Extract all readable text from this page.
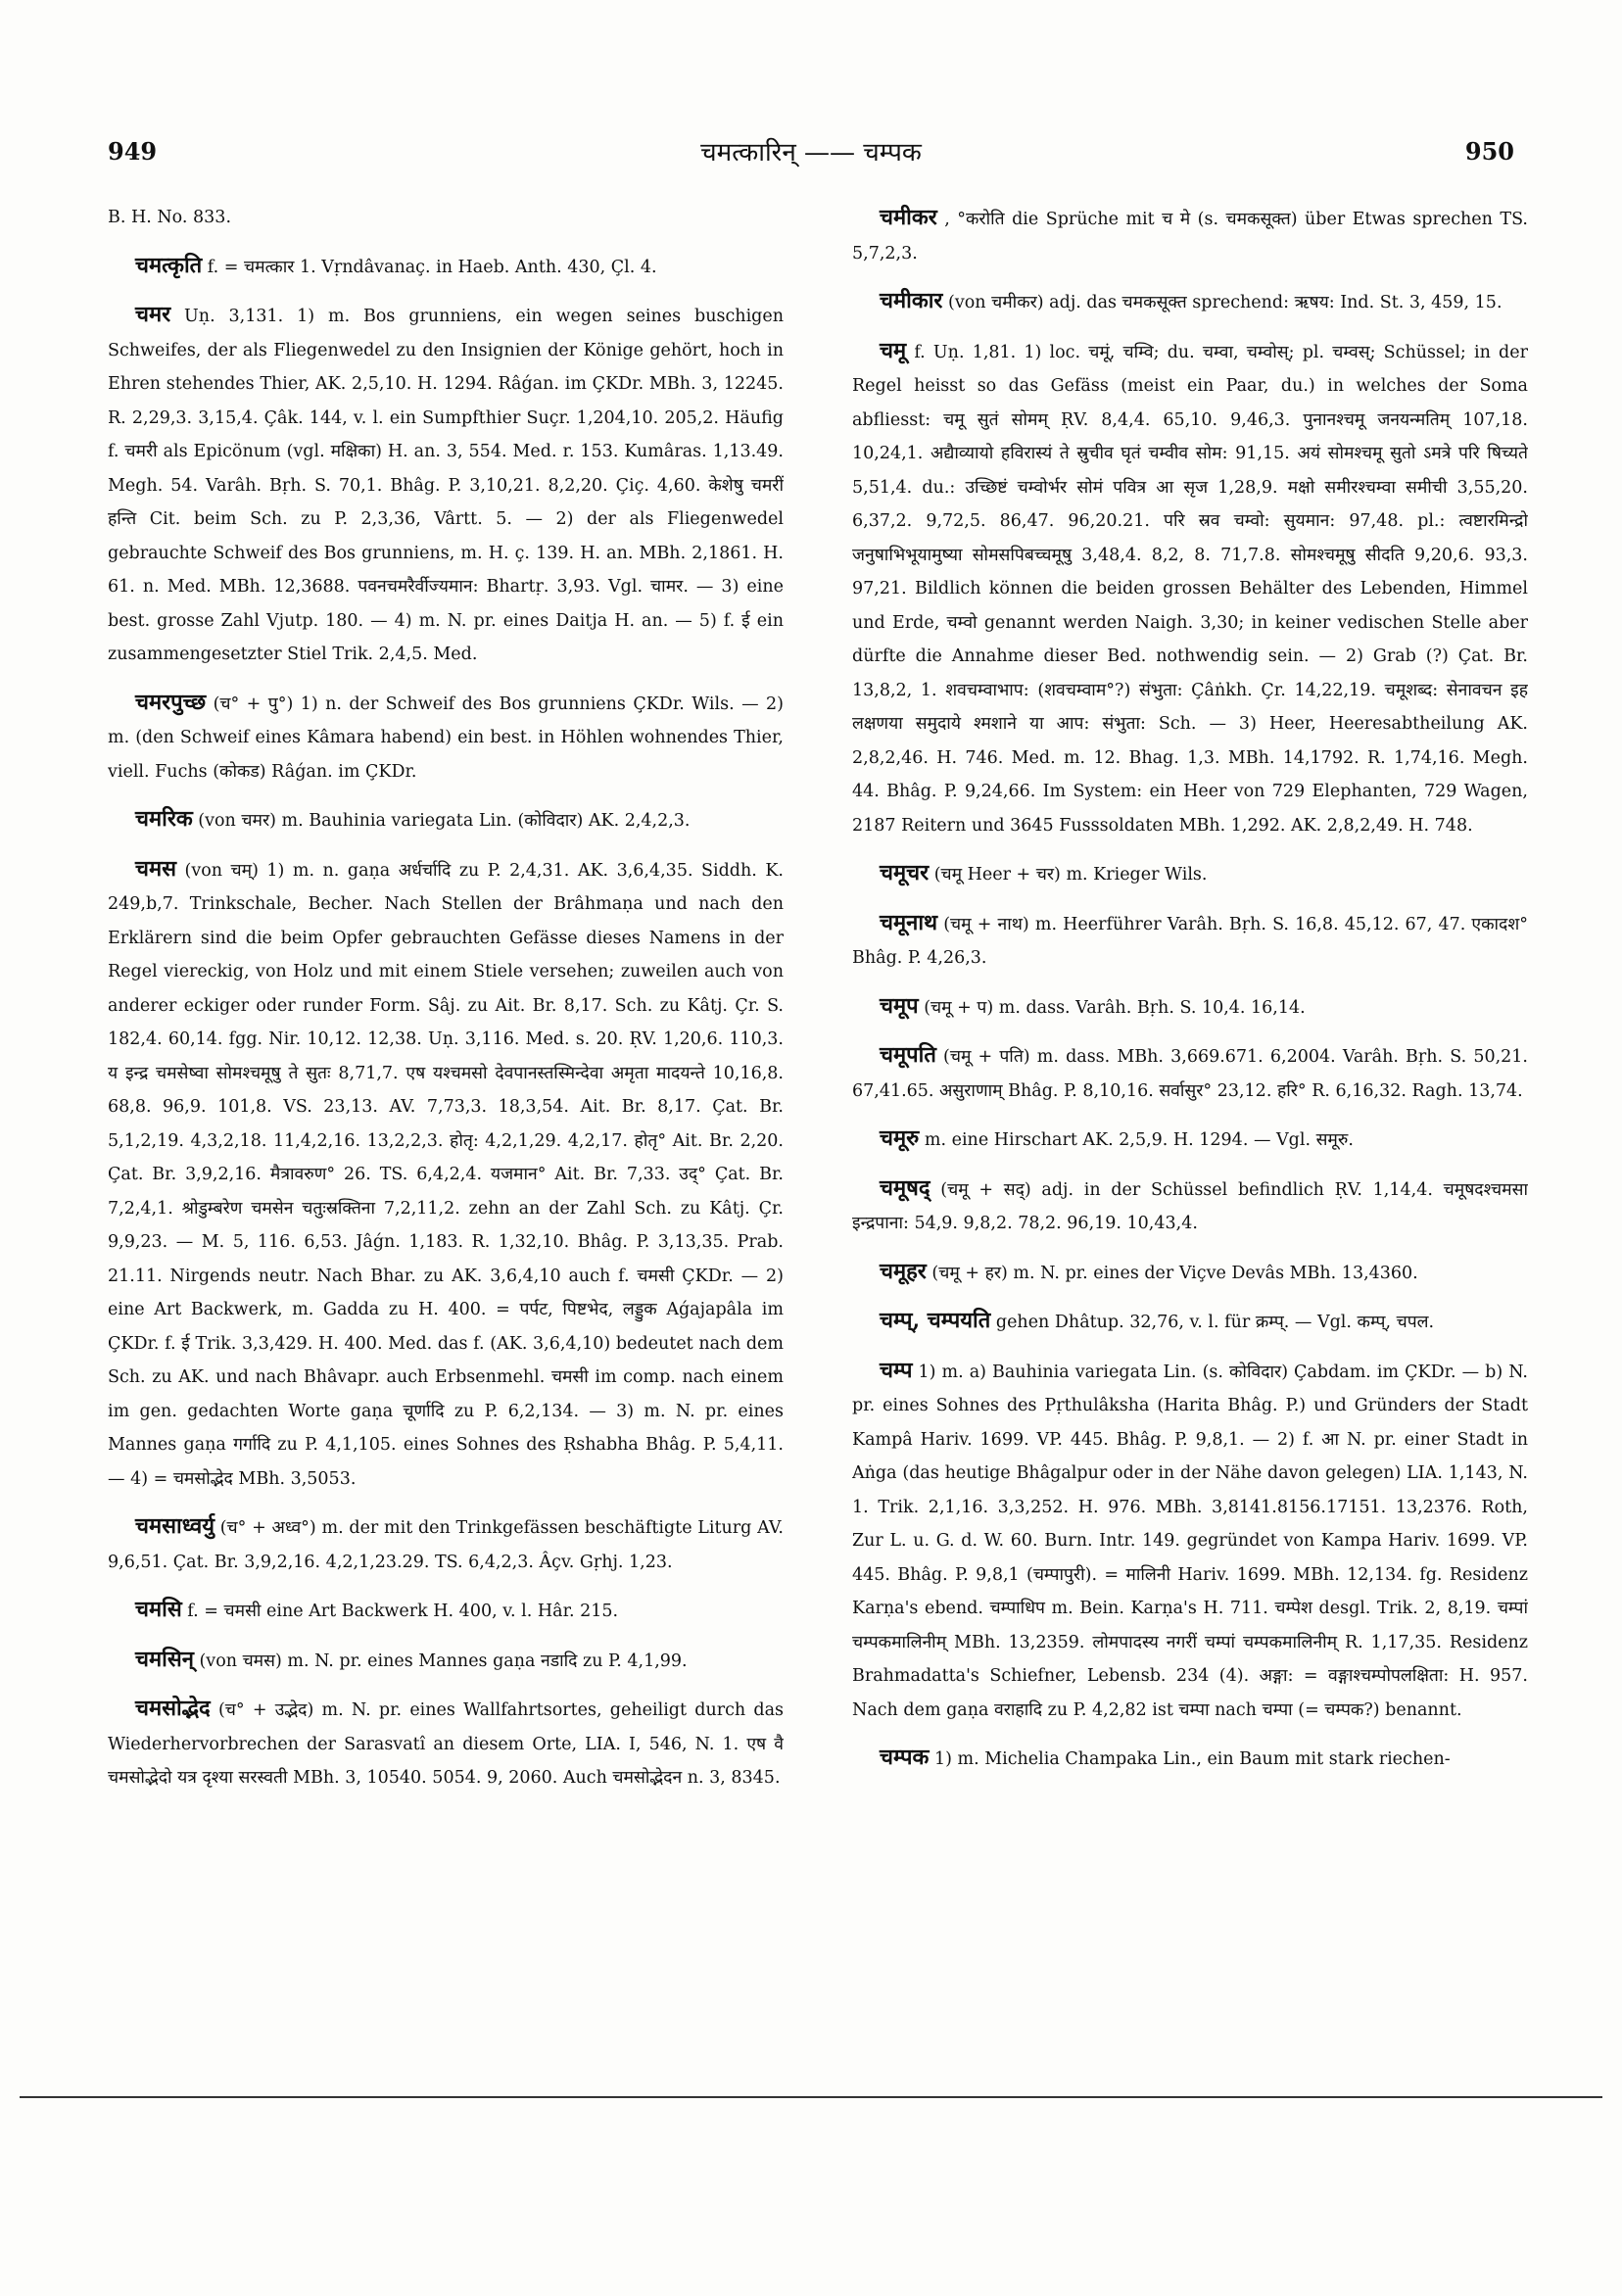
949	चमत्कारिन् —— चम्पक	950

B. H. No. 833.

चमत्कृति f. = चमत्कार 1. Vṛndâvanaç. in Haeb. Anth. 430, Çl. 4.

चमर Uṇ. 3,131. 1) m. Bos grunniens, ein wegen seines buschigen Schweifes, der als Fliegenwedel zu den Insignien der Könige gehört, hoch in Ehren stehendes Thier, AK. 2,5,10. H. 1294. Râǵan. im ÇKDr. MBh. 3, 12245. R. 2,29,3. 3,15,4. Çâk. 144, v. l. ein Sumpfthier Suçr. 1,204,10. 205,2. Häufig f. चमरी als Epicönum (vgl. मक्षिका) H. an. 3, 554. Med. r. 153. Kumâras. 1,13.49. Megh. 54. Varâh. Bṛh. S. 70,1. Bhâg. P. 3,10,21. 8,2,20. Çiç. 4,60. केशेषु चमरीं हन्ति Cit. beim Sch. zu P. 2,3,36, Vârtt. 5. — 2) der als Fliegenwedel gebrauchte Schweif des Bos grunniens, m. H. ç. 139. H. an. MBh. 2,1861. H. 61. n. Med. MBh. 12,3688. पवनचमरैर्वीज्यमान: Bhartṛ. 3,93. Vgl. चामर. — 3) eine best. grosse Zahl Vjutp. 180. — 4) m. N. pr. eines Daitja H. an. — 5) f. ई ein zusammengesetzter Stiel Trik. 2,4,5. Med.

चमरपुच्छ (च° + पु°) 1) n. der Schweif des Bos grunniens ÇKDr. Wils. — 2) m. (den Schweif eines Kâmara habend) ein best. in Höhlen wohnendes Thier, viell. Fuchs (कोकड) Râǵan. im ÇKDr.

चमरिक (von चमर) m. Bauhinia variegata Lin. (कोविदार) AK. 2,4,2,3.

चमस (von चम्) 1) m. n. gaṇa अर्धर्चादि zu P. 2,4,31. AK. 3,6,4,35. Siddh. K. 249,b,7. Trinkschale, Becher. Nach Stellen der Brâhmaṇa und nach den Erklärern sind die beim Opfer gebrauchten Gefässe dieses Namens in der Regel viereckig, von Holz und mit einem Stiele versehen; zuweilen auch von anderer eckiger oder runder Form. Sâj. zu Ait. Br. 8,17. Sch. zu Kâtj. Çr. S. 182,4. 60,14. fgg. Nir. 10,12. 12,38. Uṇ. 3,116. Med. s. 20. ṚV. 1,20,6. 110,3. य इन्द्र चमसेष्वा सोमश्चमूषु ते सुतः 8,71,7. एष यश्चमसो देवपानस्तस्मिन्देवा अमृता मादयन्ते 10,16,8. 68,8. 96,9. 101,8. VS. 23,13. AV. 7,73,3. 18,3,54. Ait. Br. 8,17. Çat. Br. 5,1,2,19. 4,3,2,18. 11,4,2,16. 13,2,2,3. होतृ: 4,2,1,29. 4,2,17. होतृ° Ait. Br. 2,20. Çat. Br. 3,9,2,16. मैत्रावरुण° 26. TS. 6,4,2,4. यजमान° Ait. Br. 7,33. उद्° Çat. Br. 7,2,4,1. श्रोडुम्बरेण चमसेन चतुःस्रक्तिना 7,2,11,2. zehn an der Zahl Sch. zu Kâtj. Çr. 9,9,23. — M. 5, 116. 6,53. Jâǵn. 1,183. R. 1,32,10. Bhâg. P. 3,13,35. Prab. 21.11. Nirgends neutr. Nach Bhar. zu AK. 3,6,4,10 auch f. चमसी ÇKDr. — 2) eine Art Backwerk, m. Gadda zu H. 400. = पर्पट, पिष्टभेद, लड्डुक Aǵajapâla im ÇKDr. f. ई Trik. 3,3,429. H. 400. Med. das f. (AK. 3,6,4,10) bedeutet nach dem Sch. zu AK. und nach Bhâvapr. auch Erbsenmehl. चमसी im comp. nach einem im gen. gedachten Worte gaṇa चूर्णादि zu P. 6,2,134. — 3) m. N. pr. eines Mannes gaṇa गर्गादि zu P. 4,1,105. eines Sohnes des Ṛshabha Bhâg. P. 5,4,11. — 4) = चमसोद्भेद MBh. 3,5053.

चमसाध्वर्यु (च° + अध्व°) m. der mit den Trinkgefässen beschäftigte Liturg AV. 9,6,51. Çat. Br. 3,9,2,16. 4,2,1,23.29. TS. 6,4,2,3. Âçv. Gṛhj. 1,23.

चमसि f. = चमसी eine Art Backwerk H. 400, v. l. Hâr. 215.

चमसिन् (von चमस) m. N. pr. eines Mannes gaṇa नडादि zu P. 4,1,99.

चमसोद्भेद (च° + उद्भेद) m. N. pr. eines Wallfahrtsortes, geheiligt durch das Wiederhervorbrechen der Sarasvatî an diesem Orte, LIA. I, 546, N. 1. एष वै चमसोद्भेदो यत्र दृश्या सरस्वती MBh. 3, 10540. 5054. 9, 2060. Auch चमसोद्भेदन n. 3, 8345.

चमीकर , °करोति die Sprüche mit च मे (s. चमकसूक्त) über Etwas sprechen TS. 5,7,2,3.

चमीकार (von चमीकर) adj. das चमकसूक्त sprechend: ऋषय: Ind. St. 3, 459, 15.

चमू f. Uṇ. 1,81. 1) loc. चमूं, चम्वि; du. चम्वा, चम्वोस्; pl. चम्वस्; Schüssel; in der Regel heisst so das Gefäss (meist ein Paar, du.) in welches der Soma abfliesst: चमू सुतं सोमम् ṚV. 8,4,4. 65,10. 9,46,3. पुनानश्चमू जनयन्मतिम् 107,18. 10,24,1. अद्यैाव्यायो हविरास्यं ते स्रुचीव घृतं चम्वीव सोम: 91,15. अयं सोमश्चमू सुतो ऽमत्रे परि षिच्यते 5,51,4. du.: उच्छिष्टं चम्वोर्भर सोमं पवित्र आ सृज 1,28,9. मक्षो समीरश्चम्वा समीची 3,55,20. 6,37,2. 9,72,5. 86,47. 96,20.21. परि स्रव चम्वो: सुयमान: 97,48. pl.: त्वष्टारमिन्द्रो जनुषाभिभूयामुष्या सोमसपिबच्चमूषु 3,48,4. 8,2, 8. 71,7.8. सोमश्चमूषु सीदति 9,20,6. 93,3. 97,21. Bildlich können die beiden grossen Behälter des Lebenden, Himmel und Erde, चम्वो genannt werden Naigh. 3,30; in keiner vedischen Stelle aber dürfte die Annahme dieser Bed. nothwendig sein. — 2) Grab (?) Çat. Br. 13,8,2, 1. शवचम्वाभाप: (शवचम्वाम°?) संभुता: Çâṅkh. Çr. 14,22,19. चमूशब्द: सेनावचन इह लक्षणया समुदाये श्मशाने या आप: संभुता: Sch. — 3) Heer, Heeresabtheilung AK. 2,8,2,46. H. 746. Med. m. 12. Bhag. 1,3. MBh. 14,1792. R. 1,74,16. Megh. 44. Bhâg. P. 9,24,66. Im System: ein Heer von 729 Elephanten, 729 Wagen, 2187 Reitern und 3645 Fusssoldaten MBh. 1,292. AK. 2,8,2,49. H. 748.

चमूचर (चमू Heer + चर) m. Krieger Wils.

चमूनाथ (चमू + नाथ) m. Heerführer Varâh. Bṛh. S. 16,8. 45,12. 67, 47. एकादश° Bhâg. P. 4,26,3.

चमूप (चमू + प) m. dass. Varâh. Bṛh. S. 10,4. 16,14.

चमूपति (चमू + पति) m. dass. MBh. 3,669.671. 6,2004. Varâh. Bṛh. S. 50,21. 67,41.65. असुराणाम् Bhâg. P. 8,10,16. सर्वासुर° 23,12. हरि° R. 6,16,32. Ragh. 13,74.

चमूरु m. eine Hirschart AK. 2,5,9. H. 1294. — Vgl. समूरु.

चमूषद् (चमू + सद्) adj. in der Schüssel befindlich ṚV. 1,14,4. चमूषदश्चमसा इन्द्रपाना: 54,9. 9,8,2. 78,2. 96,19. 10,43,4.

चमूहर (चमू + हर) m. N. pr. eines der Viçve Devâs MBh. 13,4360.

चम्प्, चम्पयति gehen Dhâtup. 32,76, v. l. für क्रम्प्. — Vgl. कम्प्, चपल.

चम्प 1) m. a) Bauhinia variegata Lin. (s. कोविदार) Çabdam. im ÇKDr. — b) N. pr. eines Sohnes des Pṛthulâksha (Harita Bhâg. P.) und Gründers der Stadt Kampâ Hariv. 1699. VP. 445. Bhâg. P. 9,8,1. — 2) f. आ N. pr. einer Stadt in Aṅga (das heutige Bhâgalpur oder in der Nähe davon gelegen) LIA. 1,143, N. 1. Trik. 2,1,16. 3,3,252. H. 976. MBh. 3,8141.8156.17151. 13,2376. Roth, Zur L. u. G. d. W. 60. Burn. Intr. 149. gegründet von Kampa Hariv. 1699. VP. 445. Bhâg. P. 9,8,1 (चम्पापुरी). = मालिनी Hariv. 1699. MBh. 12,134. fg. Residenz Karṇa's ebend. चम्पाधिप m. Bein. Karṇa's H. 711. चम्पेश desgl. Trik. 2, 8,19. चम्पां चम्पकमालिनीम् MBh. 13,2359. लोमपादस्य नगरीं चम्पां चम्पकमालिनीम् R. 1,17,35. Residenz Brahmadatta's Schiefner, Lebensb. 234 (4). अङ्गा: = वङ्गाश्चम्पोपलक्षिता: H. 957. Nach dem gaṇa वराहादि zu P. 4,2,82 ist चम्पा nach चम्पा (= चम्पक?) benannt.

चम्पक 1) m. Michelia Champaka Lin., ein Baum mit stark riechen-
